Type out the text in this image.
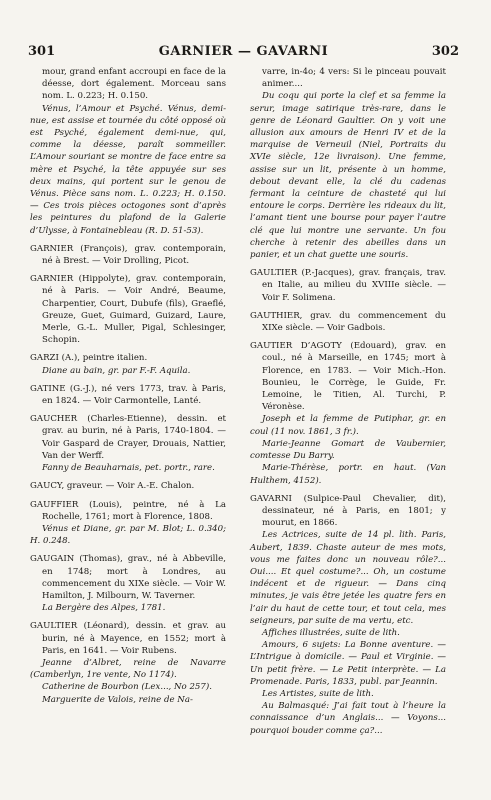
301	GARNIER — GAVARNI	302

mour, grand enfant accroupi en face de la déesse, dort également. Morceau sans nom. L. 0.223; H. 0.150.

Vénus, l’Amour et Psyché. Vénus, demi-nue, est assise et tournée du côté opposé où est Psyché, également demi-nue, qui, comme la déesse, paraît sommeiller. L’Amour souriant se montre de face entre sa mère et Psyché, la tête appuyée sur ses deux mains, qui portent sur le genou de Vénus. Pièce sans nom. L. 0.223; H. 0.150. — Ces trois pièces octogones sont d’après les peintures du plafond de la Galerie d’Ulysse, à Fontainebleau (R. D. 51-53).

GARNIER (François), grav. contemporain, né à Brest. — Voir Drolling, Picot.

GARNIER (Hippolyte), grav. contemporain, né à Paris. — Voir André, Beaume, Charpentier, Court, Dubufe (fils), Graeflé, Greuze, Guet, Guimard, Guizard, Laure, Merle, G.-L. Muller, Pigal, Schlesinger, Schopin.

GARZI (A.), peintre italien.

Diane au bain, gr. par F.-F. Aquila.

GATINE (G.-J.), né vers 1773, trav. à Paris, en 1824. — Voir Carmontelle, Lanté.

GAUCHER (Charles-Etienne), dessin. et grav. au burin, né à Paris, 1740-1804. — Voir Gaspard de Crayer, Drouais, Nattier, Van der Werff.

Fanny de Beauharnais, pet. portr., rare.

GAUCY, graveur. — Voir A.-E. Chalon.

GAUFFIER (Louis), peintre, né à La Rochelle, 1761; mort à Florence, 1808.

Vénus et Diane, gr. par M. Blot; L. 0.340; H. 0.248.

GAUGAIN (Thomas), grav., né à Abbeville, en 1748; mort à Londres, au commencement du XIXe siècle. — Voir W. Hamilton, J. Milbourn, W. Taverner.

La Bergère des Alpes, 1781.

GAULTIER (Léonard), dessin. et grav. au burin, né à Mayence, en 1552; mort à Paris, en 1641. — Voir Rubens.

Jeanne d’Albret, reine de Navarre (Camberlyn, 1re vente, No 1174).

Catherine de Bourbon (Lex..., No 257).

Marguerite de Valois, reine de Na-

varre, in-4o; 4 vers: Si le pinceau pouvait animer....

Du coqu qui porte la clef et sa femme la serur, image satirique très-rare, dans le genre de Léonard Gaultier. On y voit une allusion aux amours de Henri IV et de la marquise de Verneuil (Niel, Portraits du XVIe siècle, 12e livraison). Une femme, assise sur un lit, présente à un homme, debout devant elle, la clé du cadenas fermant la ceinture de chasteté qui lui entoure le corps. Derrière les rideaux du lit, l’amant tient une bourse pour payer l’autre clé que lui montre une servante. Un fou cherche à retenir des abeilles dans un panier, et un chat guette une souris.

GAULTIER (P.-Jacques), grav. français, trav. en Italie, au milieu du XVIIIe siècle. — Voir F. Solimena.

GAUTHIER, grav. du commencement du XIXe siècle. — Voir Gadbois.

GAUTIER D’AGOTY (Edouard), grav. en coul., né à Marseille, en 1745; mort à Florence, en 1783. — Voir Mich.-Hon. Bounieu, le Corrège, le Guide, Fr. Lemoine, le Titien, Al. Turchi, P. Véronèse.

Joseph et la femme de Putiphar, gr. en coul (11 nov. 1861, 3 fr.).

Marie-Jeanne Gomart de Vaubernier, comtesse Du Barry.

Marie-Thérèse, portr. en haut. (Van Hulthem, 4152).

GAVARNI (Sulpice-Paul Chevalier, dit), dessinateur, né à Paris, en 1801; y mourut, en 1866.

Les Actrices, suite de 14 pl. lith. Paris, Aubert, 1839. Chaste auteur de mes mots, vous me faites donc un nouveau rôle?... Oui.... Et quel costume?... Oh, un costume indécent et de rigueur. — Dans cinq minutes, je vais être jetée les quatre fers en l’air du haut de cette tour, et tout cela, mes seigneurs, par suite de ma vertu, etc.

Affiches illustrées, suite de lith.

Amours, 6 sujets: La Bonne aventure. — L’Intrigue à domicile. — Paul et Virginie. — Un petit frère. — Le Petit interprète. — La Promenade. Paris, 1833, publ. par Jeannin.

Les Artistes, suite de lith.

Au Balmasqué: J’ai fait tout à l’heure la connaissance d’un Anglais... — Voyons... pourquoi bouder comme ça?...
